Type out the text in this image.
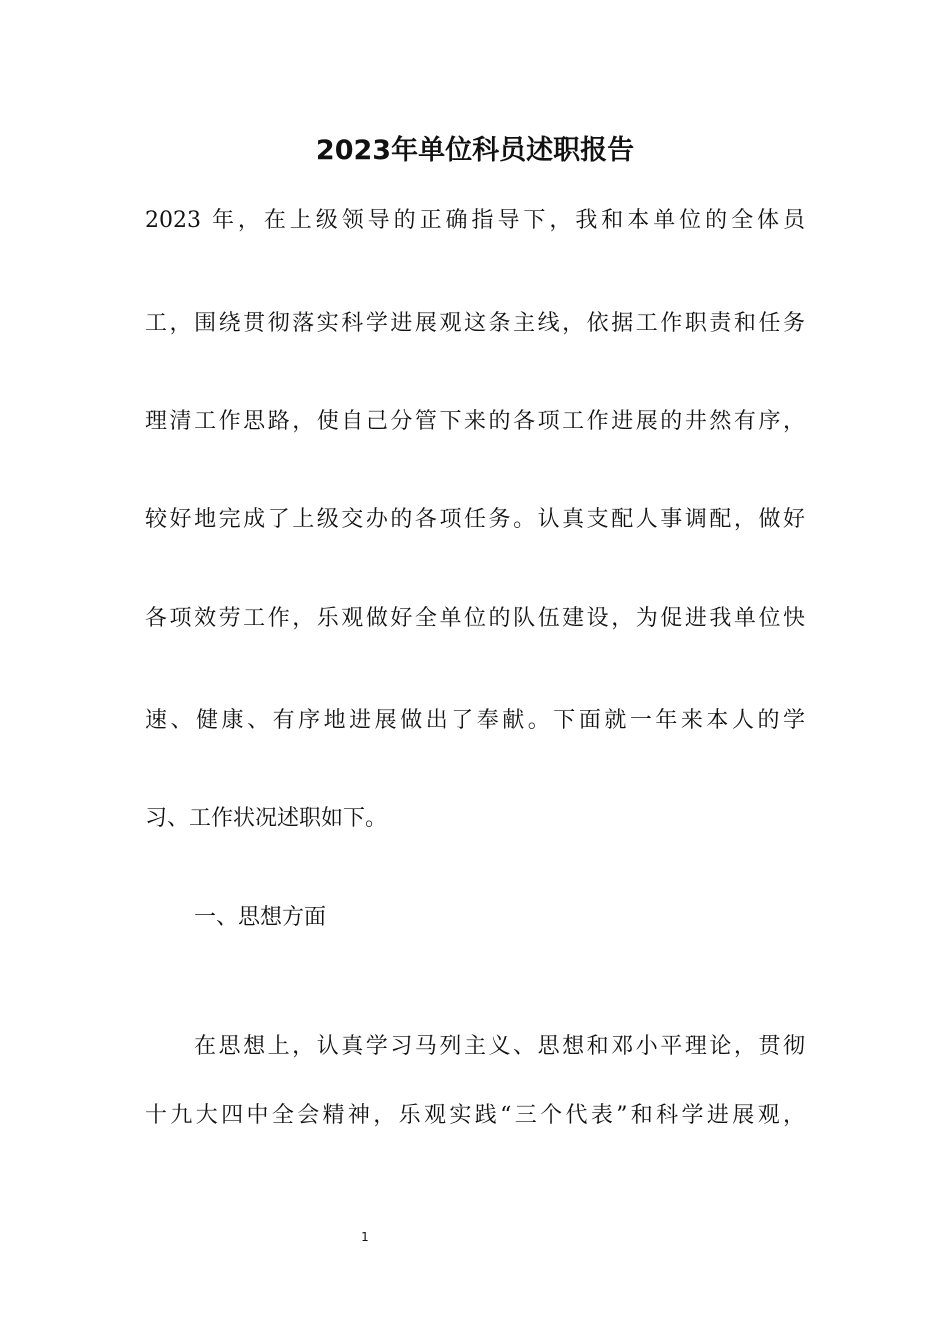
2023年单位科员述职报告

2023 年，在上级领导的正确指导下，我和本单位的全体员

工，围绕贯彻落实科学进展观这条主线，依据工作职责和任务

理清工作思路，使自己分管下来的各项工作进展的井然有序，

较好地完成了上级交办的各项任务。认真支配人事调配，做好

各项效劳工作，乐观做好全单位的队伍建设，为促进我单位快

速、健康、有序地进展做出了奉献。下面就一年来本人的学

习、工作状况述职如下。

一、思想方面

在思想上，认真学习马列主义、思想和邓小平理论，贯彻

十九大四中全会精神，乐观实践“三个代表”和科学进展观，

1
